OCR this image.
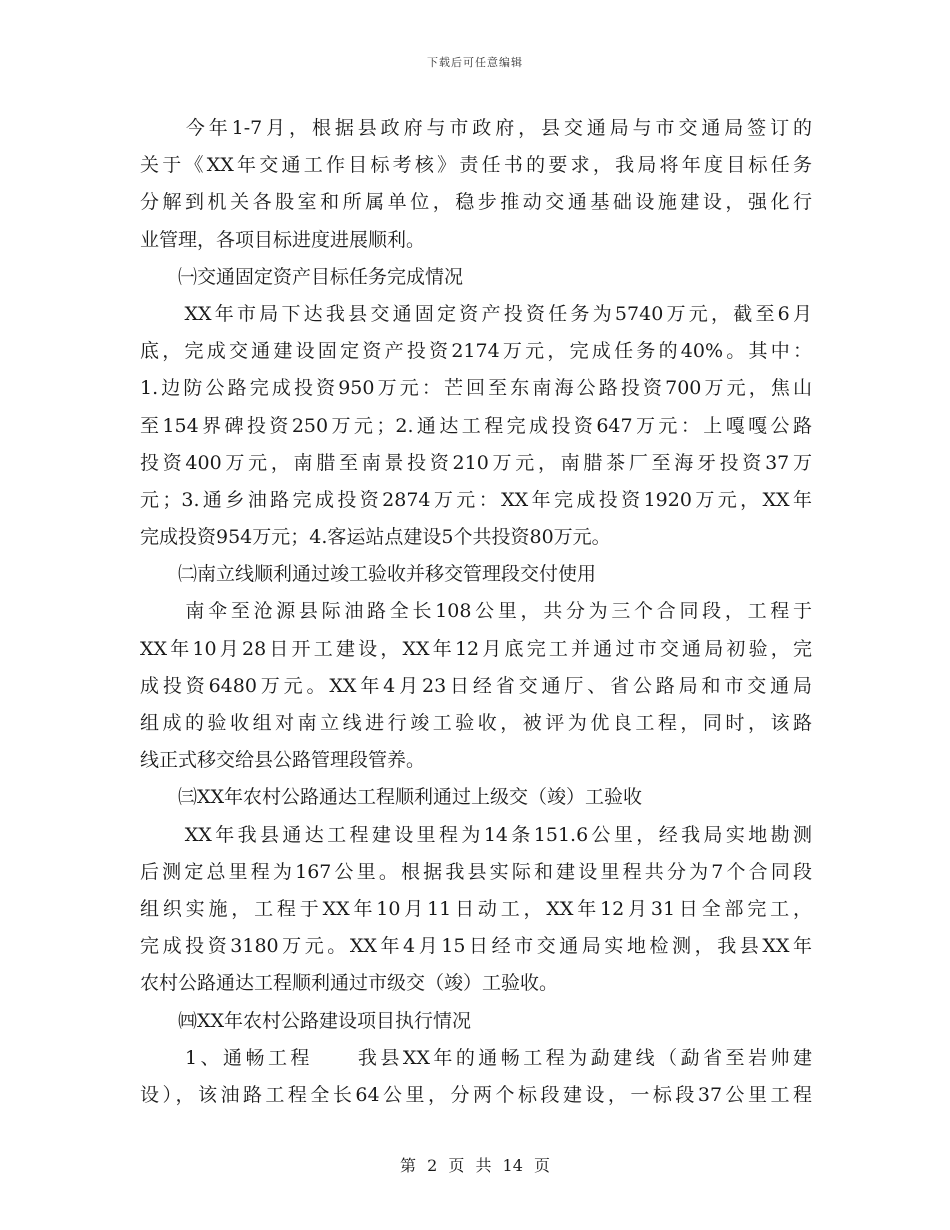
下载后可任意编辑
　　今年1-7月，根据县政府与市政府，县交通局与市交通局签订的
关于《XX年交通工作目标考核》责任书的要求，我局将年度目标任务
分解到机关各股室和所属单位，稳步推动交通基础设施建设，强化行
业管理，各项目标进度进展顺利。
　　㈠交通固定资产目标任务完成情况
　　XX年市局下达我县交通固定资产投资任务为5740万元，截至6月
底，完成交通建设固定资产投资2174万元，完成任务的40%。其中：
1.边防公路完成投资950万元：芒回至东南海公路投资700万元，焦山
至154界碑投资250万元；2.通达工程完成投资647万元：上嘎嘎公路
投资400万元，南腊至南景投资210万元，南腊茶厂至海牙投资37万
元；3.通乡油路完成投资2874万元：XX年完成投资1920万元，XX年
完成投资954万元；4.客运站点建设5个共投资80万元。
　　㈡南立线顺利通过竣工验收并移交管理段交付使用
　　南伞至沧源县际油路全长108公里，共分为三个合同段，工程于
XX年10月28日开工建设，XX年12月底完工并通过市交通局初验，完
成投资6480万元。XX年4月23日经省交通厅、省公路局和市交通局
组成的验收组对南立线进行竣工验收，被评为优良工程，同时，该路
线正式移交给县公路管理段管养。
　　㈢XX年农村公路通达工程顺利通过上级交（竣）工验收
　　XX年我县通达工程建设里程为14条151.6公里，经我局实地勘测
后测定总里程为167公里。根据我县实际和建设里程共分为7个合同段
组织实施，工程于XX年10月11日动工，XX年12月31日全部完工，
完成投资3180万元。XX年4月15日经市交通局实地检测，我县XX年
农村公路通达工程顺利通过市级交（竣）工验收。
　　㈣XX年农村公路建设项目执行情况
　　1、通畅工程　　我县XX年的通畅工程为勐建线（勐省至岩帅建
设），该油路工程全长64公里，分两个标段建设，一标段37公里工程
第 2 页 共 14 页
